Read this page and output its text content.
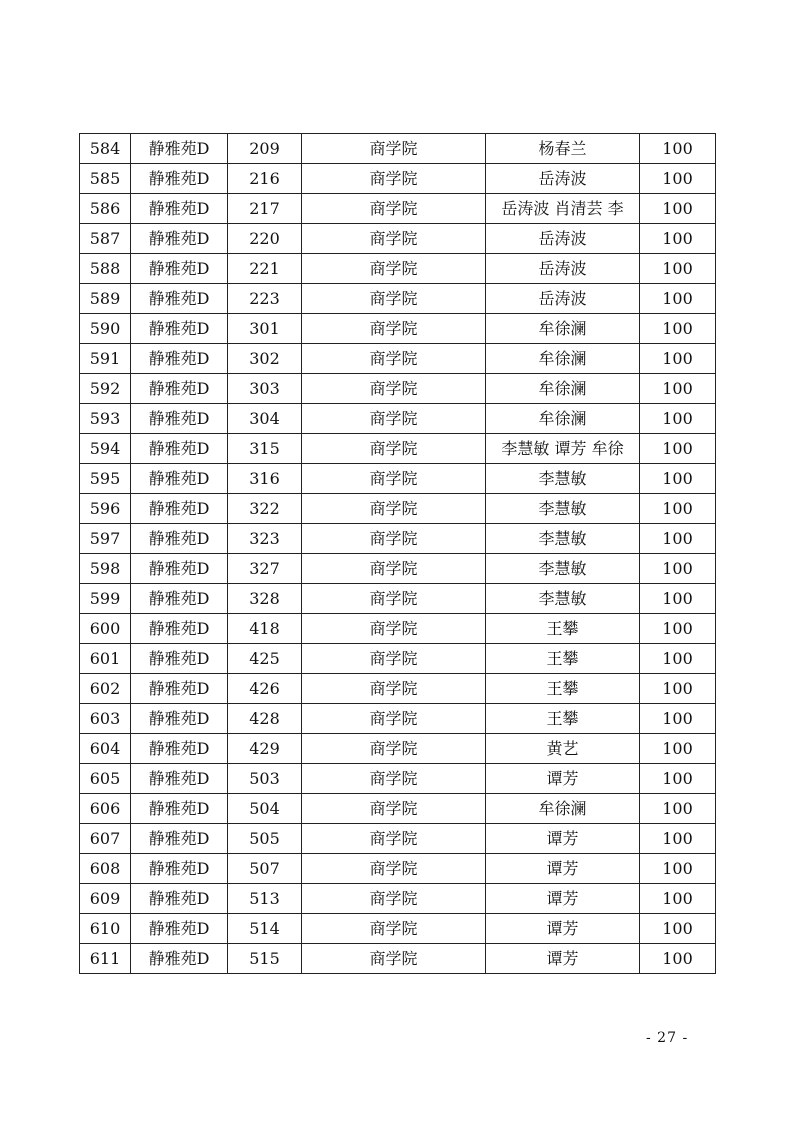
584	静雅苑D	209	商学院	杨春兰	100
585	静雅苑D	216	商学院	岳涛波	100
586	静雅苑D	217	商学院	岳涛波 肖清芸 李	100
587	静雅苑D	220	商学院	岳涛波	100
588	静雅苑D	221	商学院	岳涛波	100
589	静雅苑D	223	商学院	岳涛波	100
590	静雅苑D	301	商学院	牟徐澜	100
591	静雅苑D	302	商学院	牟徐澜	100
592	静雅苑D	303	商学院	牟徐澜	100
593	静雅苑D	304	商学院	牟徐澜	100
594	静雅苑D	315	商学院	李慧敏 谭芳 牟徐	100
595	静雅苑D	316	商学院	李慧敏	100
596	静雅苑D	322	商学院	李慧敏	100
597	静雅苑D	323	商学院	李慧敏	100
598	静雅苑D	327	商学院	李慧敏	100
599	静雅苑D	328	商学院	李慧敏	100
600	静雅苑D	418	商学院	王攀	100
601	静雅苑D	425	商学院	王攀	100
602	静雅苑D	426	商学院	王攀	100
603	静雅苑D	428	商学院	王攀	100
604	静雅苑D	429	商学院	黄艺	100
605	静雅苑D	503	商学院	谭芳	100
606	静雅苑D	504	商学院	牟徐澜	100
607	静雅苑D	505	商学院	谭芳	100
608	静雅苑D	507	商学院	谭芳	100
609	静雅苑D	513	商学院	谭芳	100
610	静雅苑D	514	商学院	谭芳	100
611	静雅苑D	515	商学院	谭芳	100
- 27 -
